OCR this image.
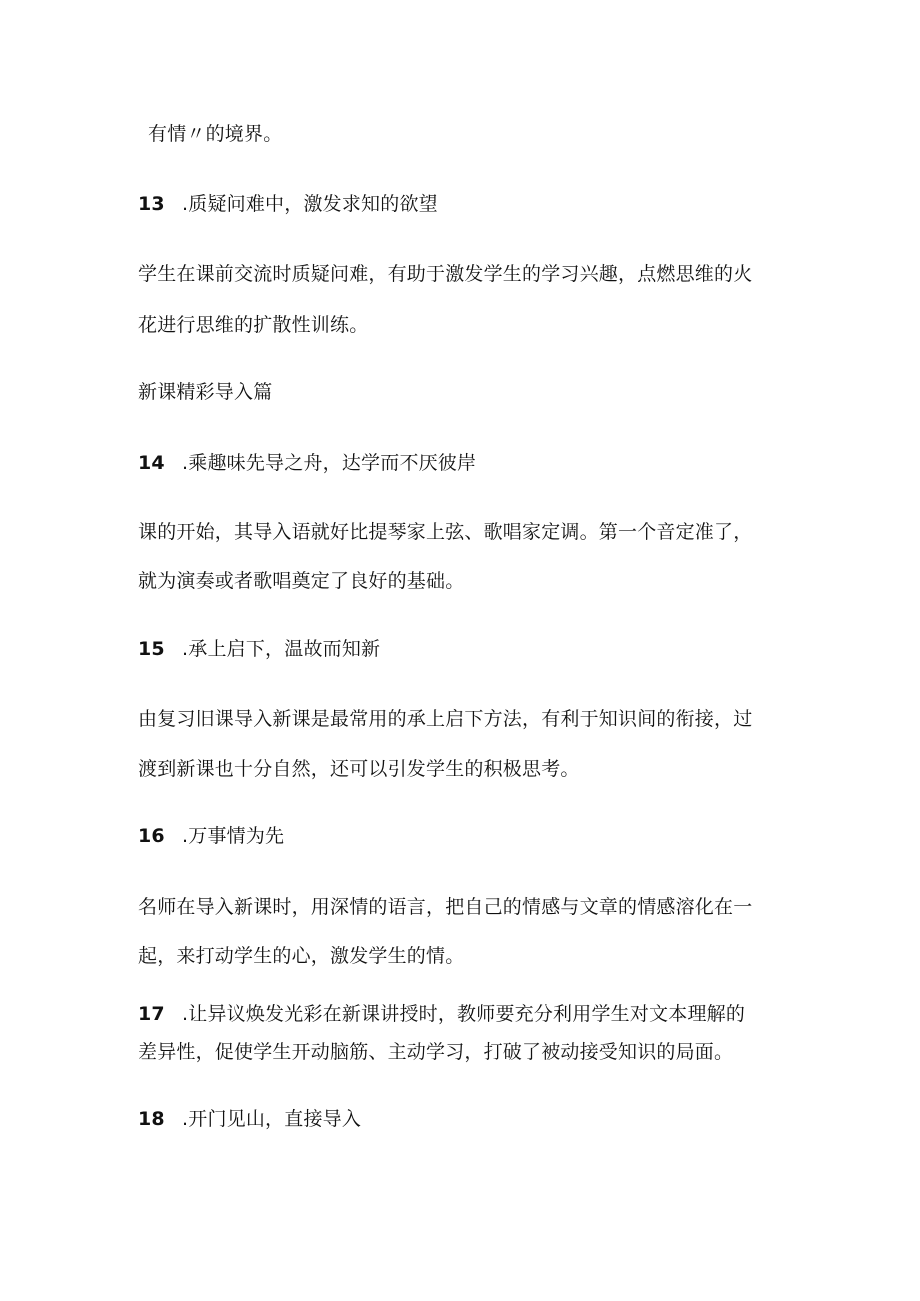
有情〃的境界。
13 .质疑问难中，激发求知的欲望
学生在课前交流时质疑问难，有助于激发学生的学习兴趣，点燃思维的火
花进行思维的扩散性训练。
新课精彩导入篇
14 .乘趣味先导之舟，达学而不厌彼岸
课的开始，其导入语就好比提琴家上弦、歌唱家定调。第一个音定准了，
就为演奏或者歌唱奠定了良好的基础。
15 .承上启下，温故而知新
由复习旧课导入新课是最常用的承上启下方法，有利于知识间的衔接，过
渡到新课也十分自然，还可以引发学生的积极思考。
16 .万事情为先
名师在导入新课时，用深情的语言，把自己的情感与文章的情感溶化在一
起，来打动学生的心，激发学生的情。
17 .让异议焕发光彩在新课讲授时，教师要充分利用学生对文本理解的
差异性，促使学生开动脑筋、主动学习，打破了被动接受知识的局面。
18 .开门见山，直接导入
